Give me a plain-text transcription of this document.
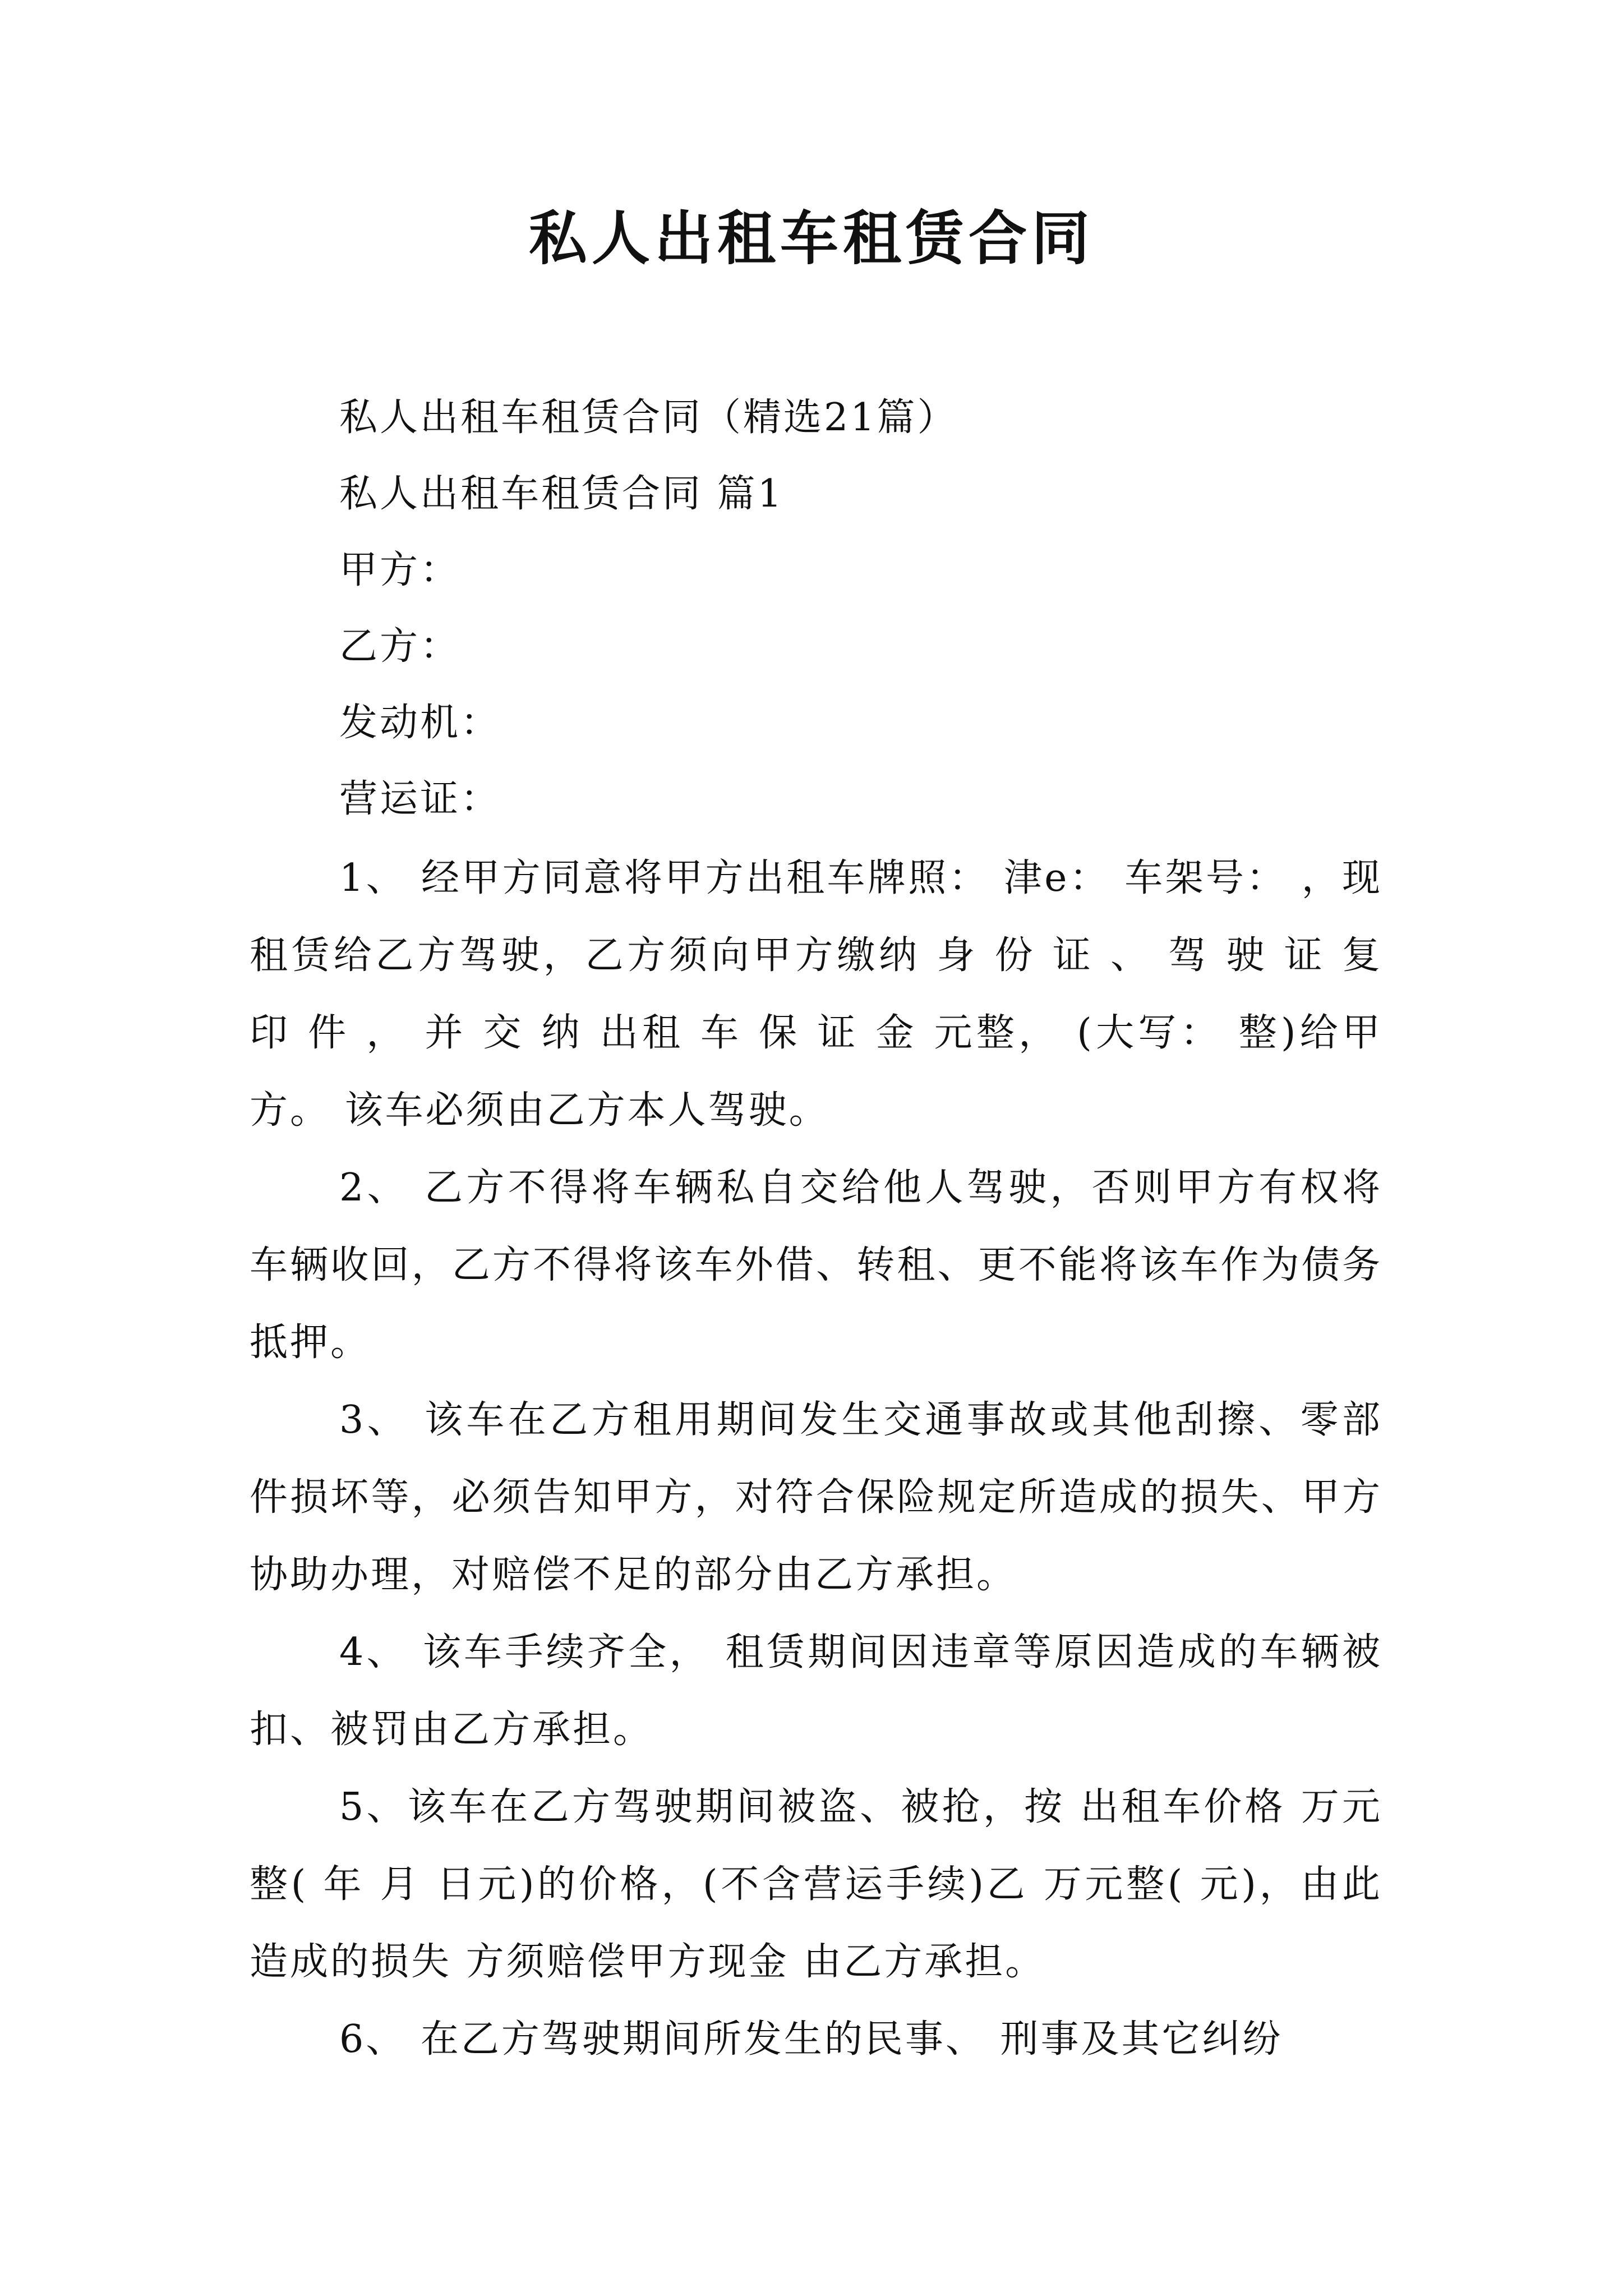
私人出租车租赁合同

私人出租车租赁合同（精选21篇）

私人出租车租赁合同 篇1

甲方：

乙方：

发动机：

营运证：

1、 经甲方同意将甲方出租车牌照： 津e： 车架号： ，现租赁给乙方驾驶，乙方须向甲方缴纳 身 份 证 、 驾 驶 证 复 印 件 ， 并 交 纳 出租 车 保 证 金 元整， (大写： 整)给甲方。 该车必须由乙方本人驾驶。

2、 乙方不得将车辆私自交给他人驾驶，否则甲方有权将车辆收回，乙方不得将该车外借、转租、更不能将该车作为债务抵押。

3、 该车在乙方租用期间发生交通事故或其他刮擦、零部 件损坏等，必须告知甲方，对符合保险规定所造成的损失、甲方协助办理，对赔偿不足的部分由乙方承担。

4、 该车手续齐全， 租赁期间因违章等原因造成的车辆被 扣、被罚由乙方承担。

5、该车在乙方驾驶期间被盗、被抢，按 出租车价格 万元整( 年 月 日元)的价格，(不含营运手续)乙 万元整( 元)，由此造成的损失 方须赔偿甲方现金 由乙方承担。

6、 在乙方驾驶期间所发生的民事、 刑事及其它纠纷
